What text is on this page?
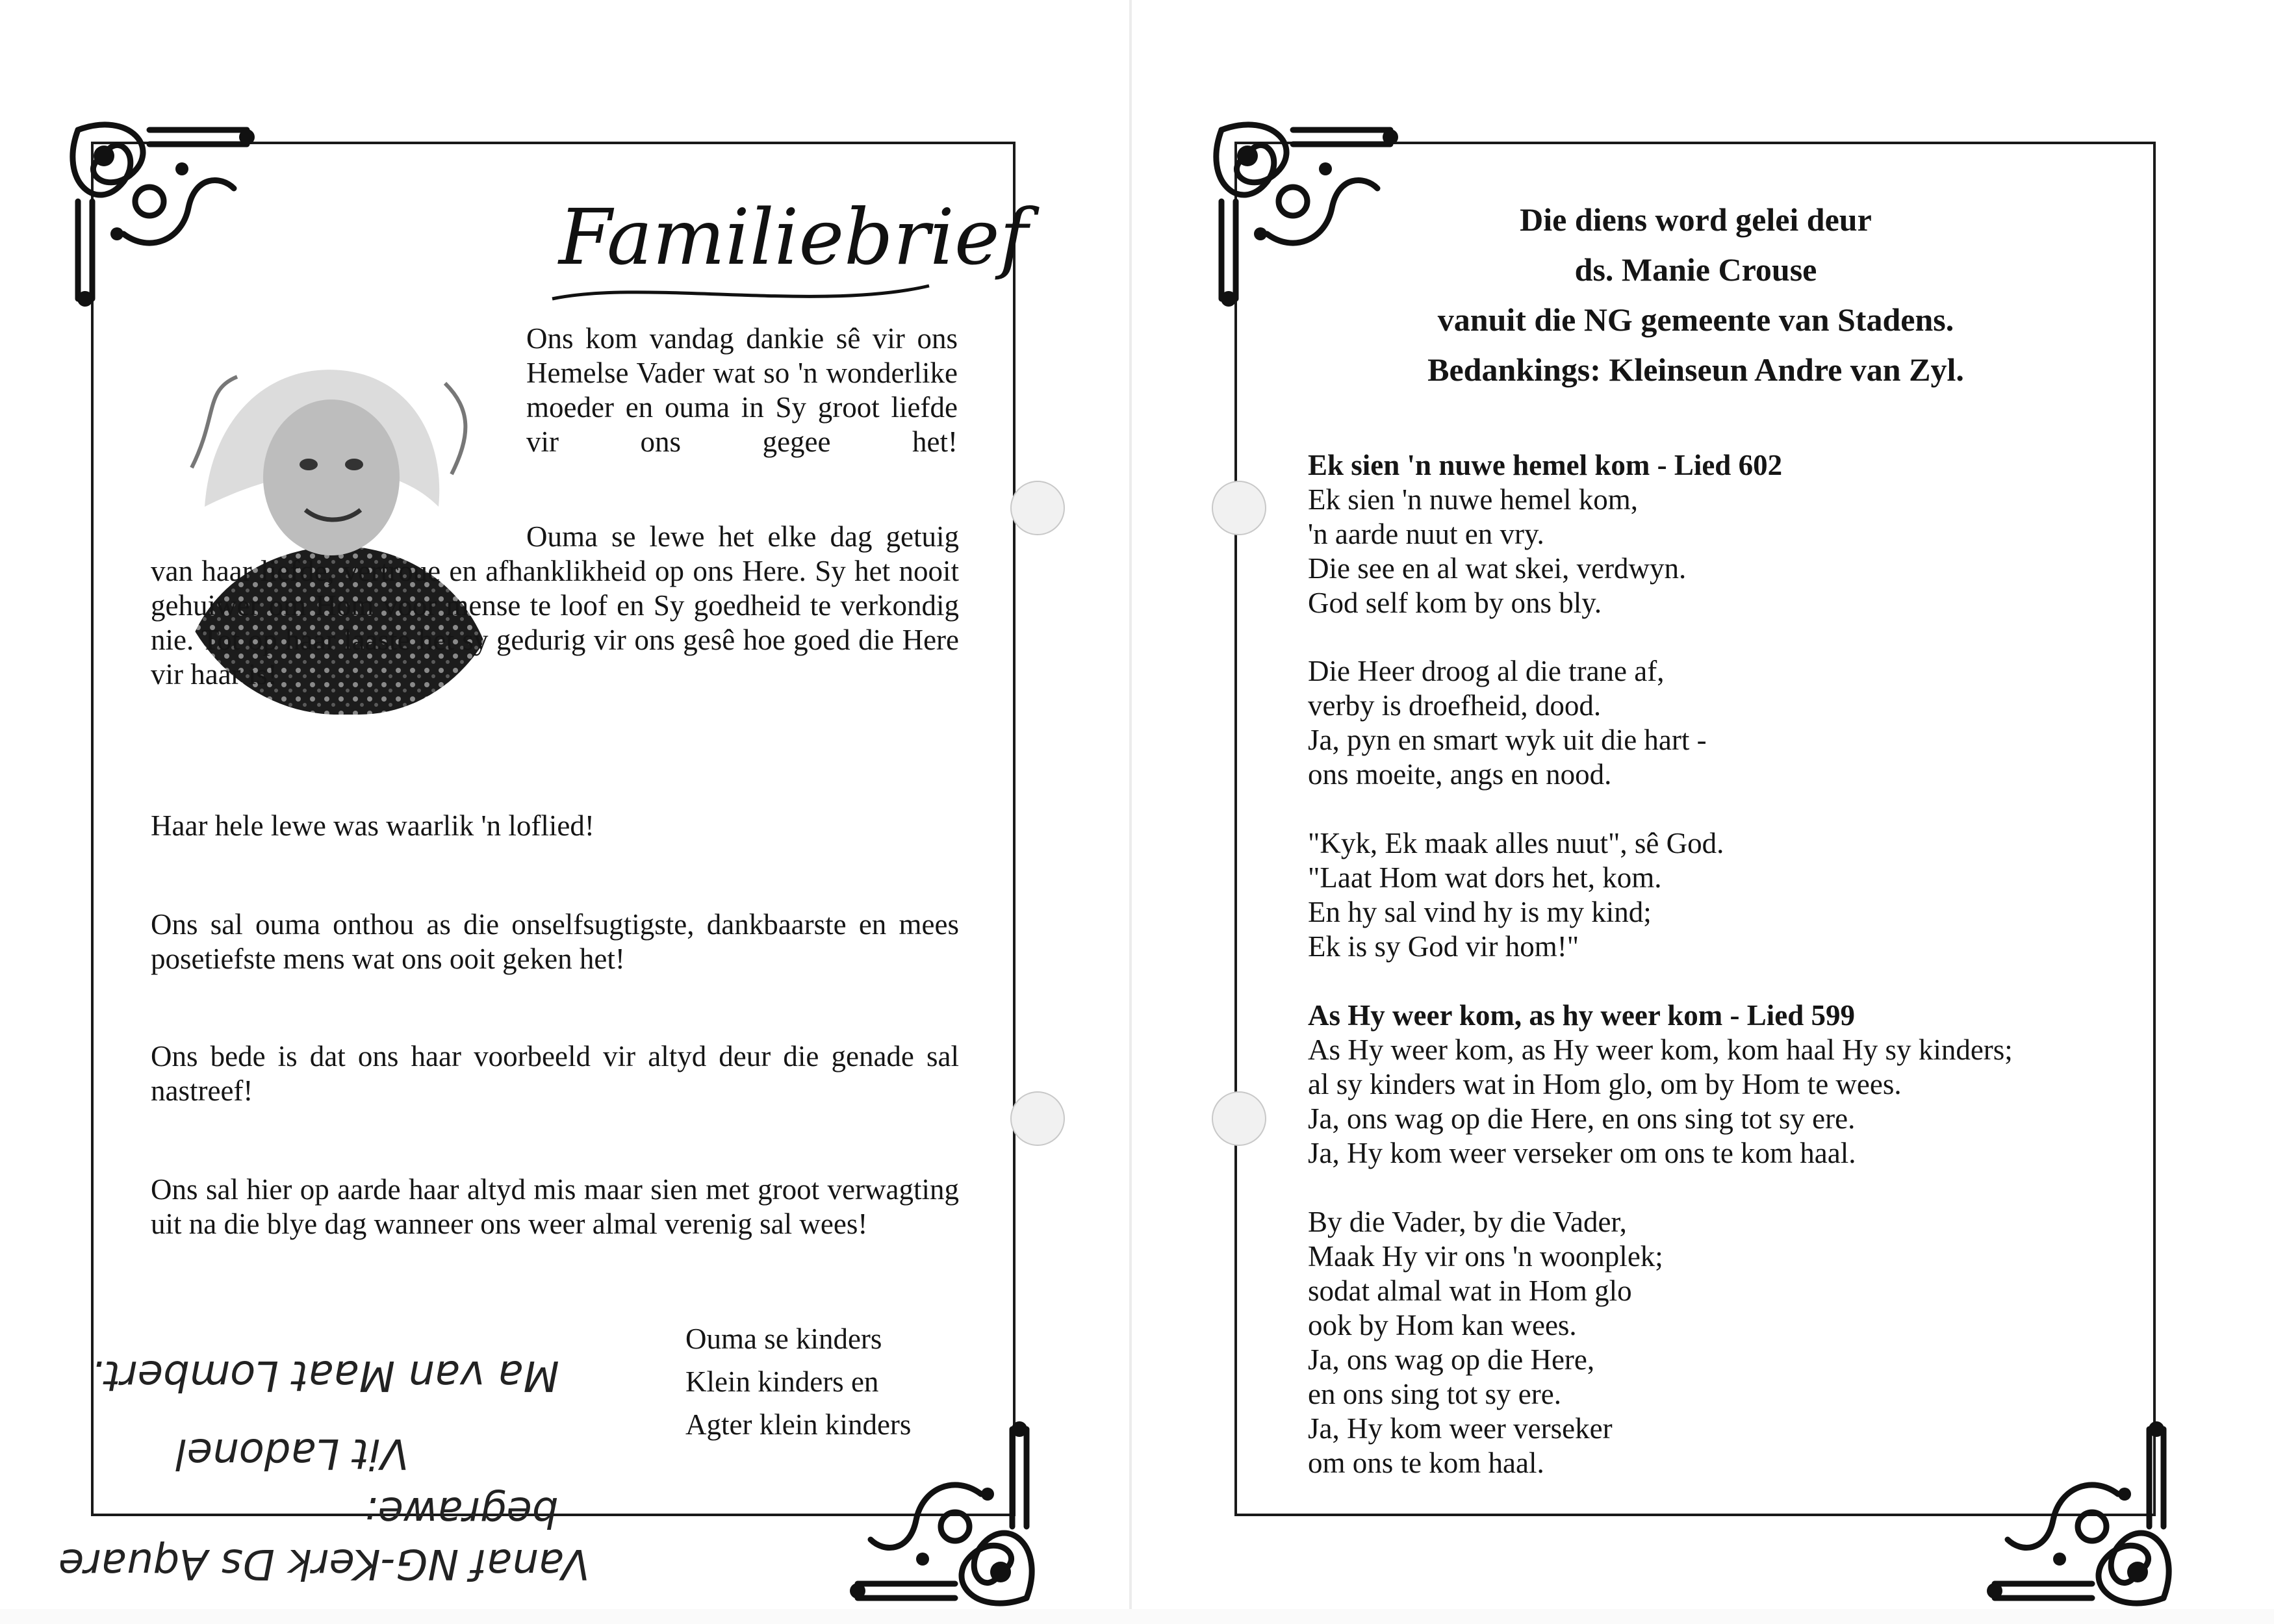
Familiebrief

Ons kom vandag dankie sê vir ons Hemelse Vader wat so 'n wonderlike moeder en ouma in Sy groot liefde vir ons gegee het!

Ouma se lewe het elke dag getuig van haar liefde, vertroue en afhanklikheid op ons Here. Sy het nooit gehuiwer om Hom voor mense te loof en Sy goedheid te verkondig nie. Tot op haar laaste het sy gedurig vir ons gesê hoe goed die Here vir haar is!

Haar hele lewe was waarlik 'n loflied!

Ons sal ouma onthou as die onselfsugtigste, dankbaarste en mees posetiefste mens wat ons ooit geken het!

Ons bede is dat ons haar voorbeeld vir altyd deur die genade sal nastreef!

Ons sal hier op aarde haar altyd mis maar sien met groot verwagting uit na die blye dag wanneer ons weer almal verenig sal wees!

Ouma se kinders
Klein kinders en
Agter klein kinders
Ma van Maat Lombert.
Vit Ladonel
begrawe:
Vanaf NG-Kerk Ds Aquare
Die diens word gelei deur
ds. Manie Crouse
vanuit die NG gemeente van Stadens.
Bedankings: Kleinseun Andre van Zyl.
Ek sien 'n nuwe hemel kom - Lied 602
Ek sien 'n nuwe hemel kom,
'n aarde nuut en vry.
Die see en al wat skei, verdwyn.
God self kom by ons bly.
Die Heer droog al die trane af,
verby is droefheid, dood.
Ja, pyn en smart wyk uit die hart -
ons moeite, angs en nood.
"Kyk, Ek maak alles nuut", sê God.
"Laat Hom wat dors het, kom.
En hy sal vind hy is my kind;
Ek is sy God vir hom!"
As Hy weer kom, as hy weer kom - Lied 599
As Hy weer kom, as Hy weer kom, kom haal Hy sy kinders;
al sy kinders wat in Hom glo, om by Hom te wees.
Ja, ons wag op die Here, en ons sing tot sy ere.
Ja, Hy kom weer verseker om ons te kom haal.
By die Vader, by die Vader,
Maak Hy vir ons 'n woonplek;
sodat almal wat in Hom glo
ook by Hom kan wees.
Ja, ons wag op die Here,
en ons sing tot sy ere.
Ja, Hy kom weer verseker
om ons te kom haal.
